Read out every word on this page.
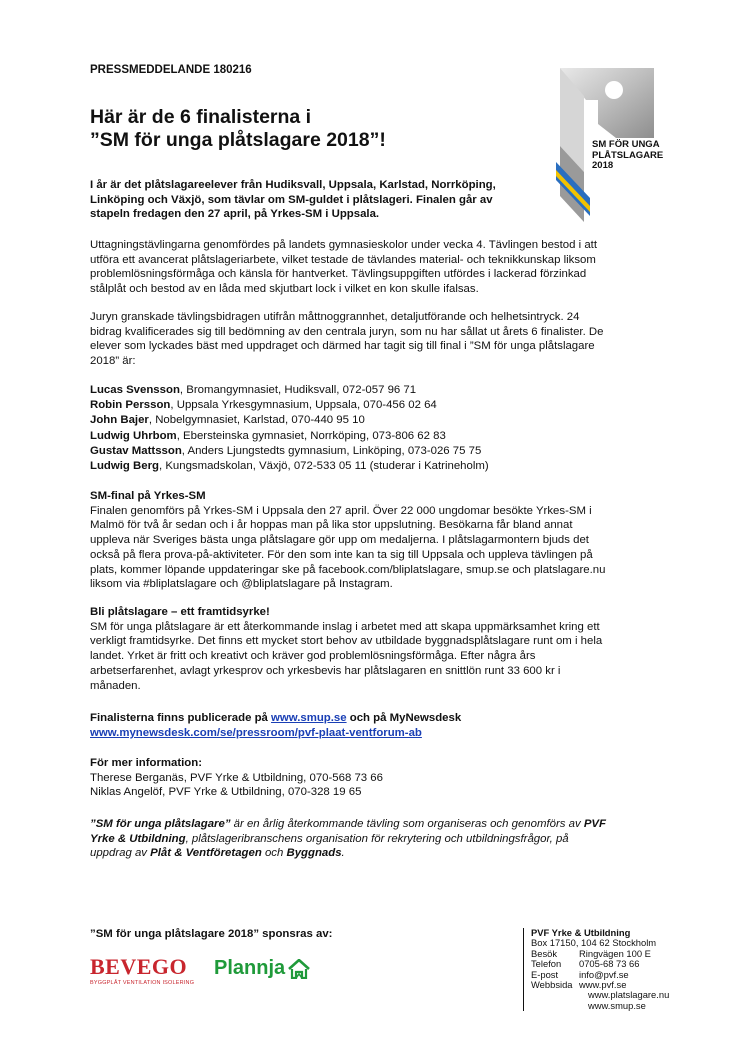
PRESSMEDDELANDE 180216
Här är de 6 finalisterna i
”SM för unga plåtslagare 2018”!	SM FÖR UNGA
PLÅTSLAGARE
2018

I år är det plåtslagareelever från Hudiksvall, Uppsala, Karlstad, Norrköping,
Linköping och Växjö, som tävlar om SM-guldet i plåtslageri. Finalen går av
stapeln fredagen den 27 april, på Yrkes-SM i Uppsala.

Uttagningstävlingarna genomfördes på landets gymnasieskolor under vecka 4. Tävlingen bestod i att
utföra ett avancerat plåtslageriarbete, vilket testade de tävlandes material- och teknikkunskap liksom
problemlösningsförmåga och känsla för hantverket. Tävlingsuppgiften utfördes i lackerad förzinkad
stålplåt och bestod av en låda med skjutbart lock i vilket en kon skulle ifalsas.

Juryn granskade tävlingsbidragen utifrån måttnoggrannhet, detaljutförande och helhetsintryck. 24
bidrag kvalificerades sig till bedömning av den centrala juryn, som nu har sållat ut årets 6 finalister. De
elever som lyckades bäst med uppdraget och därmed har tagit sig till final i ”SM för unga plåtslagare
2018” är:

Lucas Svensson, Bromangymnasiet, Hudiksvall, 072-057 96 71
Robin Persson, Uppsala Yrkesgymnasium, Uppsala, 070-456 02 64
John Bajer, Nobelgymnasiet, Karlstad, 070-440 95 10
Ludwig Uhrbom, Ebersteinska gymnasiet, Norrköping, 073-806 62 83
Gustav Mattsson, Anders Ljungstedts gymnasium, Linköping, 073-026 75 75
Ludwig Berg, Kungsmadskolan, Växjö, 072-533 05 11 (studerar i Katrineholm)

SM-final på Yrkes-SM
Finalen genomförs på Yrkes-SM i Uppsala den 27 april. Över 22 000 ungdomar besökte Yrkes-SM i
Malmö för två år sedan och i år hoppas man på lika stor uppslutning. Besökarna får bland annat
uppleva när Sveriges bästa unga plåtslagare gör upp om medaljerna. I plåtslagarmontern bjuds det
också på flera prova-på-aktiviteter. För den som inte kan ta sig till Uppsala och uppleva tävlingen på
plats, kommer löpande uppdateringar ske på facebook.com/bliplatslagare, smup.se och platslagare.nu
liksom via #bliplatslagare och @bliplatslagare på Instagram.

Bli plåtslagare – ett framtidsyrke!
SM för unga plåtslagare är ett återkommande inslag i arbetet med att skapa uppmärksamhet kring ett
verkligt framtidsyrke. Det finns ett mycket stort behov av utbildade byggnadsplåtslagare runt om i hela
landet. Yrket är fritt och kreativt och kräver god problemlösningsförmåga. Efter några års
arbetserfarenhet, avlagt yrkesprov och yrkesbevis har plåtslagaren en snittlön runt 33 600 kr i
månaden.

Finalisterna finns publicerade på www.smup.se och på MyNewsdesk
www.mynewsdesk.com/se/pressroom/pvf-plaat-ventforum-ab

För mer information:
Therese Berganäs, PVF Yrke & Utbildning, 070-568 73 66
Niklas Angelöf, PVF Yrke & Utbildning, 070-328 19 65

”SM för unga plåtslagare” är en årlig återkommande tävling som organiseras och genomförs av PVF
Yrke & Utbildning, plåtslageribranschens organisation för rekrytering och utbildningsfrågor, på
uppdrag av Plåt & Ventföretagen och Byggnads.

”SM för unga plåtslagare 2018” sponsras av:
BEVEGO
BYGGPLÅT VENTILATION ISOLERING
Plannja
PVF Yrke & Utbildning
Box 17150, 104 62 Stockholm
Besök	Ringvägen 100 E
Telefon	0705-68 73 66
E-post	info@pvf.se
Webbsida www.pvf.se
www.platslagare.nu
www.smup.se
